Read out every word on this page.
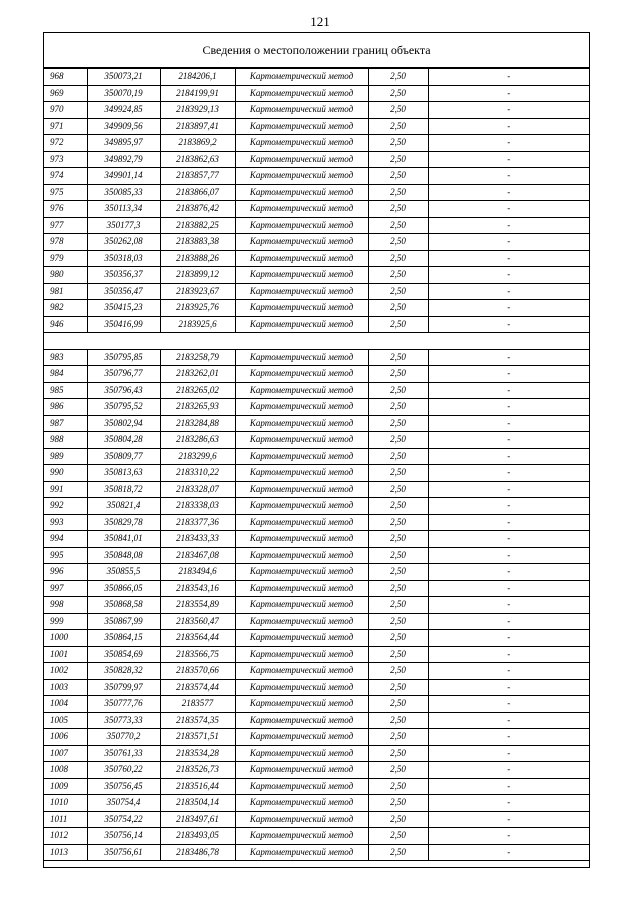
121
Сведения о местоположении границ объекта
968	350073,21	2184206,1	Картометрический метод	2,50	-
969	350070,19	2184199,91	Картометрический метод	2,50	-
970	349924,85	2183929,13	Картометрический метод	2,50	-
971	349909,56	2183897,41	Картометрический метод	2,50	-
972	349895,97	2183869,2	Картометрический метод	2,50	-
973	349892,79	2183862,63	Картометрический метод	2,50	-
974	349901,14	2183857,77	Картометрический метод	2,50	-
975	350085,33	2183866,07	Картометрический метод	2,50	-
976	350113,34	2183876,42	Картометрический метод	2,50	-
977	350177,3	2183882,25	Картометрический метод	2,50	-
978	350262,08	2183883,38	Картометрический метод	2,50	-
979	350318,03	2183888,26	Картометрический метод	2,50	-
980	350356,37	2183899,12	Картометрический метод	2,50	-
981	350356,47	2183923,67	Картометрический метод	2,50	-
982	350415,23	2183925,76	Картометрический метод	2,50	-
946	350416,99	2183925,6	Картометрический метод	2,50	-

983	350795,85	2183258,79	Картометрический метод	2,50	-
984	350796,77	2183262,01	Картометрический метод	2,50	-
985	350796,43	2183265,02	Картометрический метод	2,50	-
986	350795,52	2183265,93	Картометрический метод	2,50	-
987	350802,94	2183284,88	Картометрический метод	2,50	-
988	350804,28	2183286,63	Картометрический метод	2,50	-
989	350809,77	2183299,6	Картометрический метод	2,50	-
990	350813,63	2183310,22	Картометрический метод	2,50	-
991	350818,72	2183328,07	Картометрический метод	2,50	-
992	350821,4	2183338,03	Картометрический метод	2,50	-
993	350829,78	2183377,36	Картометрический метод	2,50	-
994	350841,01	2183433,33	Картометрический метод	2,50	-
995	350848,08	2183467,08	Картометрический метод	2,50	-
996	350855,5	2183494,6	Картометрический метод	2,50	-
997	350866,05	2183543,16	Картометрический метод	2,50	-
998	350868,58	2183554,89	Картометрический метод	2,50	-
999	350867,99	2183560,47	Картометрический метод	2,50	-
1000	350864,15	2183564,44	Картометрический метод	2,50	-
1001	350854,69	2183566,75	Картометрический метод	2,50	-
1002	350828,32	2183570,66	Картометрический метод	2,50	-
1003	350799,97	2183574,44	Картометрический метод	2,50	-
1004	350777,76	2183577	Картометрический метод	2,50	-
1005	350773,33	2183574,35	Картометрический метод	2,50	-
1006	350770,2	2183571,51	Картометрический метод	2,50	-
1007	350761,33	2183534,28	Картометрический метод	2,50	-
1008	350760,22	2183526,73	Картометрический метод	2,50	-
1009	350756,45	2183516,44	Картометрический метод	2,50	-
1010	350754,4	2183504,14	Картометрический метод	2,50	-
1011	350754,22	2183497,61	Картометрический метод	2,50	-
1012	350756,14	2183493,05	Картометрический метод	2,50	-
1013	350756,61	2183486,78	Картометрический метод	2,50	-
